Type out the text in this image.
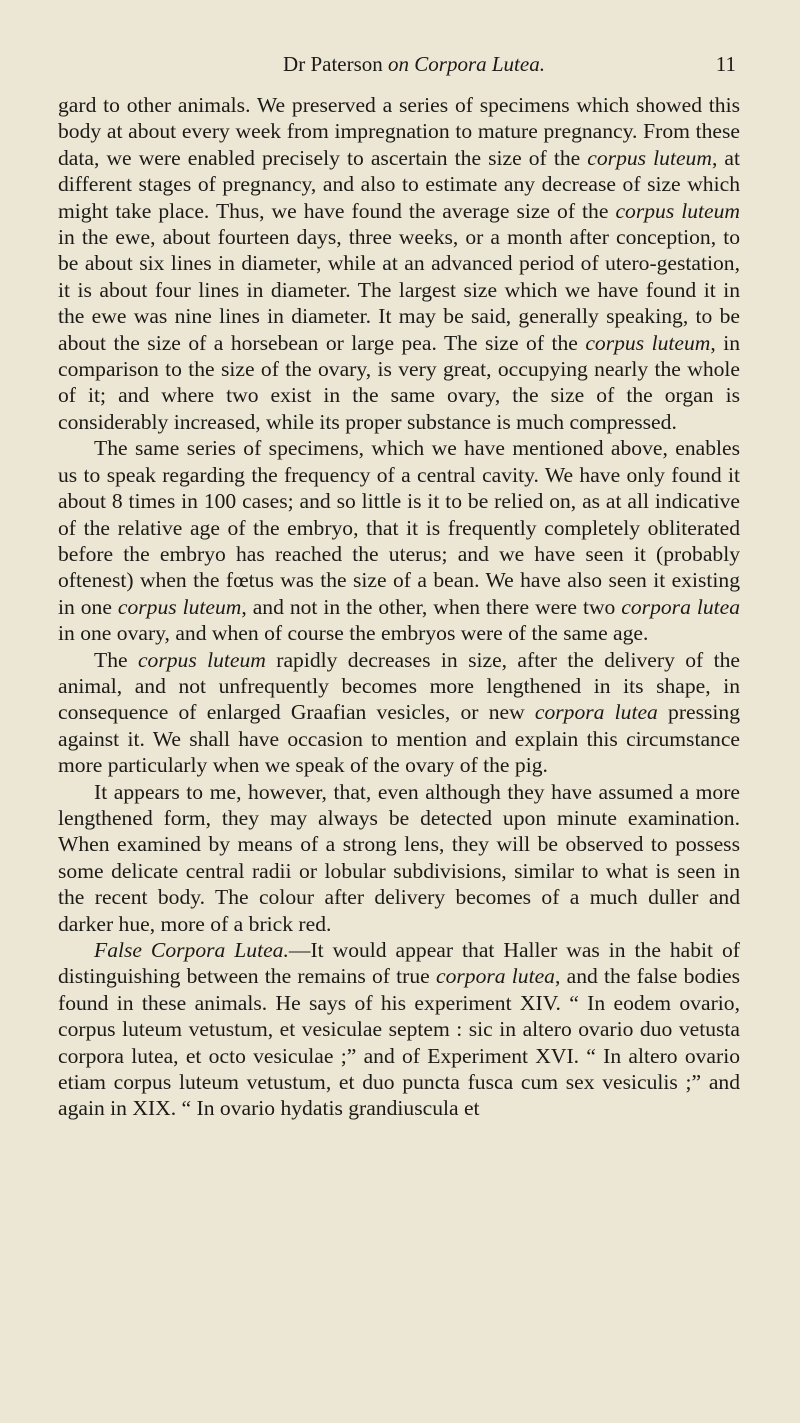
Dr Paterson on Corpora Lutea.	11

gard to other animals. We preserved a series of specimens which showed this body at about every week from impregnation to mature pregnancy. From these data, we were enabled precisely to ascertain the size of the corpus luteum, at different stages of pregnancy, and also to estimate any decrease of size which might take place. Thus, we have found the average size of the corpus luteum in the ewe, about fourteen days, three weeks, or a month after conception, to be about six lines in diameter, while at an advanced period of utero-gestation, it is about four lines in diameter. The largest size which we have found it in the ewe was nine lines in diameter. It may be said, generally speaking, to be about the size of a horsebean or large pea. The size of the corpus luteum, in comparison to the size of the ovary, is very great, occupying nearly the whole of it; and where two exist in the same ovary, the size of the organ is considerably increased, while its proper substance is much compressed.

The same series of specimens, which we have mentioned above, enables us to speak regarding the frequency of a central cavity. We have only found it about 8 times in 100 cases; and so little is it to be relied on, as at all indicative of the relative age of the embryo, that it is frequently completely obliterated before the embryo has reached the uterus; and we have seen it (probably oftenest) when the fœtus was the size of a bean. We have also seen it existing in one corpus luteum, and not in the other, when there were two corpora lutea in one ovary, and when of course the embryos were of the same age.

The corpus luteum rapidly decreases in size, after the delivery of the animal, and not unfrequently becomes more lengthened in its shape, in consequence of enlarged Graafian vesicles, or new corpora lutea pressing against it. We shall have occasion to mention and explain this circumstance more particularly when we speak of the ovary of the pig.

It appears to me, however, that, even although they have assumed a more lengthened form, they may always be detected upon minute examination. When examined by means of a strong lens, they will be observed to possess some delicate central radii or lobular subdivisions, similar to what is seen in the recent body. The colour after delivery becomes of a much duller and darker hue, more of a brick red.

False Corpora Lutea.—It would appear that Haller was in the habit of distinguishing between the remains of true corpora lutea, and the false bodies found in these animals. He says of his experiment XIV. “ In eodem ovario, corpus luteum vetustum, et vesiculae septem : sic in altero ovario duo vetusta corpora lutea, et octo vesiculae ;” and of Experiment XVI. “ In altero ovario etiam corpus luteum vetustum, et duo puncta fusca cum sex vesiculis ;” and again in XIX. “ In ovario hydatis grandiuscula et
